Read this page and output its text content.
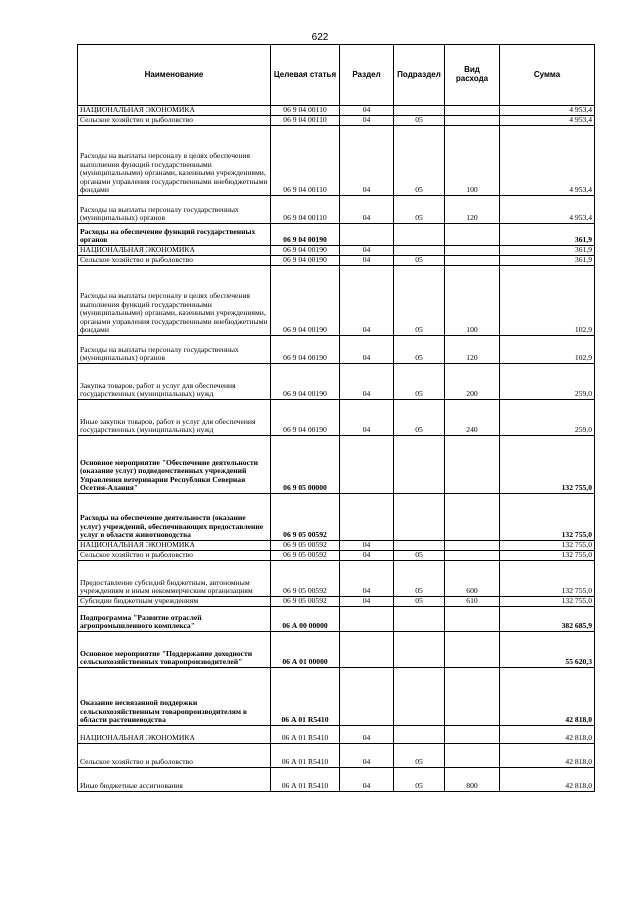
622
Наименование	Целевая статья	Раздел	Подраздел	Вид расхода	Сумма
НАЦИОНАЛЬНАЯ ЭКОНОМИКА	06 9 04 00110	04			4 953,4
Сельское хозяйство и рыболовство	06 9 04 00110	04	05		4 953,4
Расходы на выплаты персоналу в целях обеспечения выполнения функций государственными (муниципальными) органами, казенными учреждениями, органами управления государственными внебюджетными фондами	06 9 04 00110	04	05	100	4 953,4
Расходы на выплаты персоналу государственных (муниципальных) органов	06 9 04 00110	04	05	120	4 953,4
Расходы на обеспечение функций государственных органов	06 9 04 00190				361,9
НАЦИОНАЛЬНАЯ ЭКОНОМИКА	06 9 04 00190	04			361,9
Сельское хозяйство и рыболовство	06 9 04 00190	04	05		361,9
Расходы на выплаты персоналу в целях обеспечения выполнения функций государственными (муниципальными) органами, казенными учреждениями, органами управления государственными внебюджетными фондами	06 9 04 00190	04	05	100	102,9
Расходы на выплаты персоналу государственных (муниципальных) органов	06 9 04 00190	04	05	120	102,9
Закупка товаров, работ и услуг для обеспечения государственных (муниципальных) нужд	06 9 04 00190	04	05	200	259,0
Иные закупки товаров, работ и услуг для обеспечения государственных (муниципальных) нужд	06 9 04 00190	04	05	240	259,0
Основное мероприятие "Обеспечение деятельности (оказание услуг) подведомственных учреждений Управления ветеринарии Республики Северная Осетия-Алания"	06 9 05 00000				132 755,0
Расходы на обеспечение деятельности (оказание услуг) учреждений, обеспечивающих предоставление услуг в области животноводства	06 9 05 00592				132 755,0
НАЦИОНАЛЬНАЯ ЭКОНОМИКА	06 9 05 00592	04			132 755,0
Сельское хозяйство и рыболовство	06 9 05 00592	04	05		132 755,0
Предоставление субсидий бюджетным, автономным учреждениям и иным некоммерческим организациям	06 9 05 00592	04	05	600	132 755,0
Субсидии бюджетным учреждениям	06 9 05 00592	04	05	610	132 755,0
Подпрограмма "Развитие отраслей агропромышленного комплекса"	06 А 00 00000				382 685,9
Основное мероприятие "Поддержание доходности сельскохозяйственных товаропроизводителей"	06 А 01 00000				55 620,3
Оказание несвязанной поддержки сельскохозяйственным товаропроизводителям в области растениеводства	06 А 01 R5410				42 818,0
НАЦИОНАЛЬНАЯ ЭКОНОМИКА	06 А 01 R5410	04			42 818,0
Сельское хозяйство и рыболовство	06 А 01 R5410	04	05		42 818,0
Иные бюджетные ассигнования	06 А 01 R5410	04	05	800	42 818,0
